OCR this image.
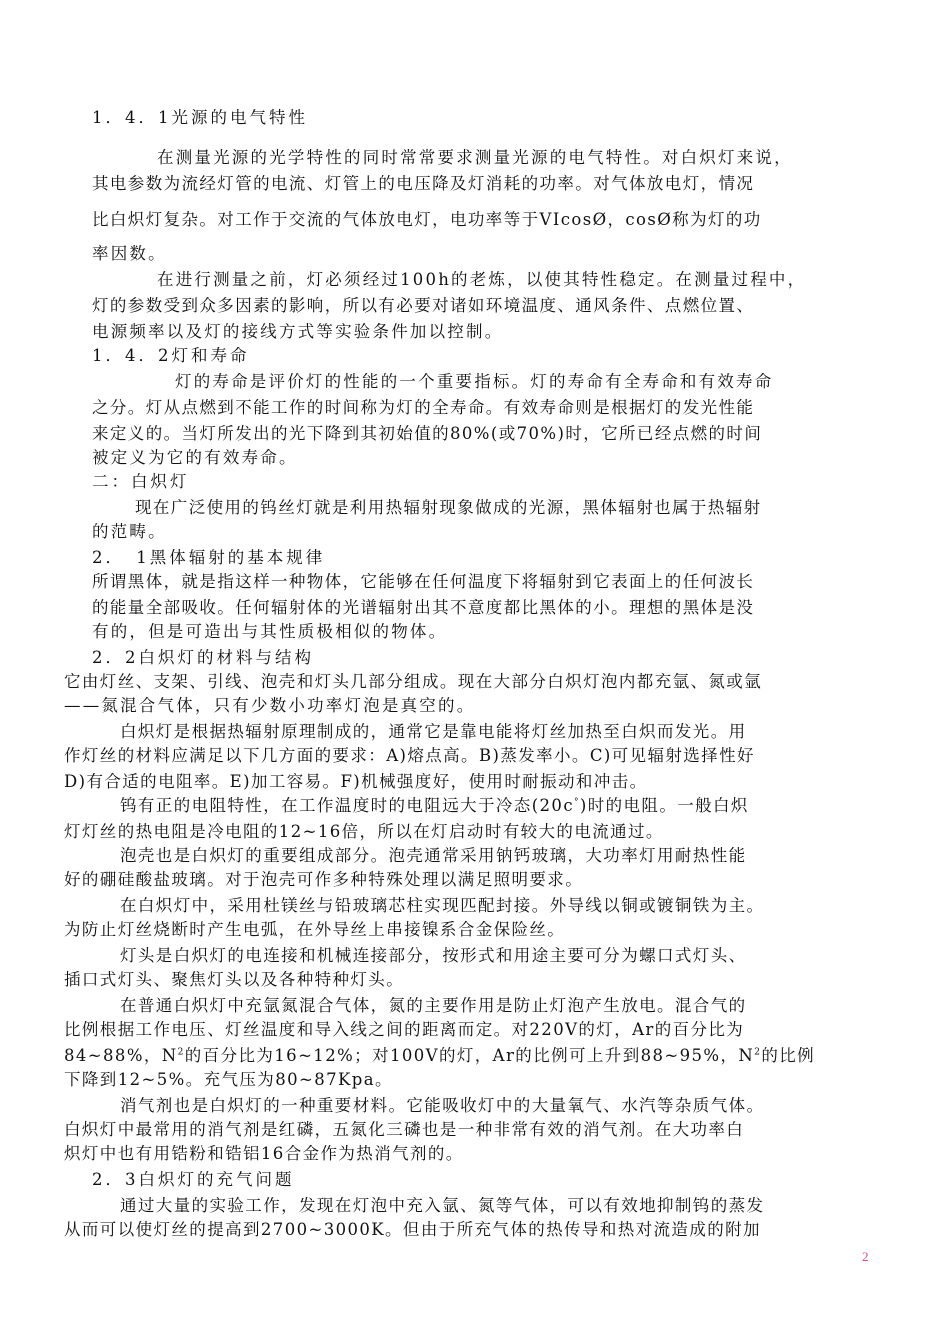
1．4．1光源的电气特性
在测量光源的光学特性的同时常常要求测量光源的电气特性。对白炽灯来说，
其电参数为流经灯管的电流、灯管上的电压降及灯消耗的功率。对气体放电灯，情况
比白炽灯复杂。对工作于交流的气体放电灯，电功率等于VIcosØ，cosØ称为灯的功
率因数。
在进行测量之前，灯必须经过100h的老炼，以使其特性稳定。在测量过程中，
灯的参数受到众多因素的影响，所以有必要对诸如环境温度、通风条件、点燃位置、
电源频率以及灯的接线方式等实验条件加以控制。
1．4．2灯和寿命
灯的寿命是评价灯的性能的一个重要指标。灯的寿命有全寿命和有效寿命
之分。灯从点燃到不能工作的时间称为灯的全寿命。有效寿命则是根据灯的发光性能
来定义的。当灯所发出的光下降到其初始值的80%(或70%)时，它所已经点燃的时间
被定义为它的有效寿命。
二：白炽灯
现在广泛使用的钨丝灯就是利用热辐射现象做成的光源，黑体辐射也属于热辐射
的范畴。
2．　1黑体辐射的基本规律
所谓黑体，就是指这样一种物体，它能够在任何温度下将辐射到它表面上的任何波长
的能量全部吸收。任何辐射体的光谱辐射出其不意度都比黑体的小。理想的黑体是没
有的，但是可造出与其性质极相似的物体。
2．2白炽灯的材料与结构
它由灯丝、支架、引线、泡壳和灯头几部分组成。现在大部分白炽灯泡内都充氩、氮或氩
——氮混合气体，只有少数小功率灯泡是真空的。
白炽灯是根据热辐射原理制成的，通常它是靠电能将灯丝加热至白炽而发光。用
作灯丝的材料应满足以下几方面的要求：A)熔点高。B)蒸发率小。C)可见辐射选择性好
D)有合适的电阻率。E)加工容易。F)机械强度好，使用时耐振动和冲击。
钨有正的电阻特性，在工作温度时的电阻远大于冷态(20c°)时的电阻。一般白炽
灯灯丝的热电阻是冷电阻的12~16倍，所以在灯启动时有较大的电流通过。
泡壳也是白炽灯的重要组成部分。泡壳通常采用钠钙玻璃，大功率灯用耐热性能
好的硼硅酸盐玻璃。对于泡壳可作多种特殊处理以满足照明要求。
在白炽灯中，采用杜镁丝与铅玻璃芯柱实现匹配封接。外导线以铜或镀铜铁为主。
为防止灯丝烧断时产生电弧，在外导丝上串接镍系合金保险丝。
灯头是白炽灯的电连接和机械连接部分，按形式和用途主要可分为螺口式灯头、
插口式灯头、聚焦灯头以及各种特种灯头。
在普通白炽灯中充氩氮混合气体，氮的主要作用是防止灯泡产生放电。混合气的
比例根据工作电压、灯丝温度和导入线之间的距离而定。对220V的灯，Ar的百分比为
84~88%，$N^2$的百分比为16~12%；对100V的灯，Ar的比例可上升到88~95%，$N^2$的比例
下降到12~5%。充气压为80~87Kpa。
消气剂也是白炽灯的一种重要材料。它能吸收灯中的大量氧气、水汽等杂质气体。
白炽灯中最常用的消气剂是红磷，五氮化三磷也是一种非常有效的消气剂。在大功率白
炽灯中也有用锆粉和锆铝16合金作为热消气剂的。
2．3白炽灯的充气问题
通过大量的实验工作，发现在灯泡中充入氩、氮等气体，可以有效地抑制钨的蒸发
从而可以使灯丝的提高到2700~3000K。但由于所充气体的热传导和热对流造成的附加
2
